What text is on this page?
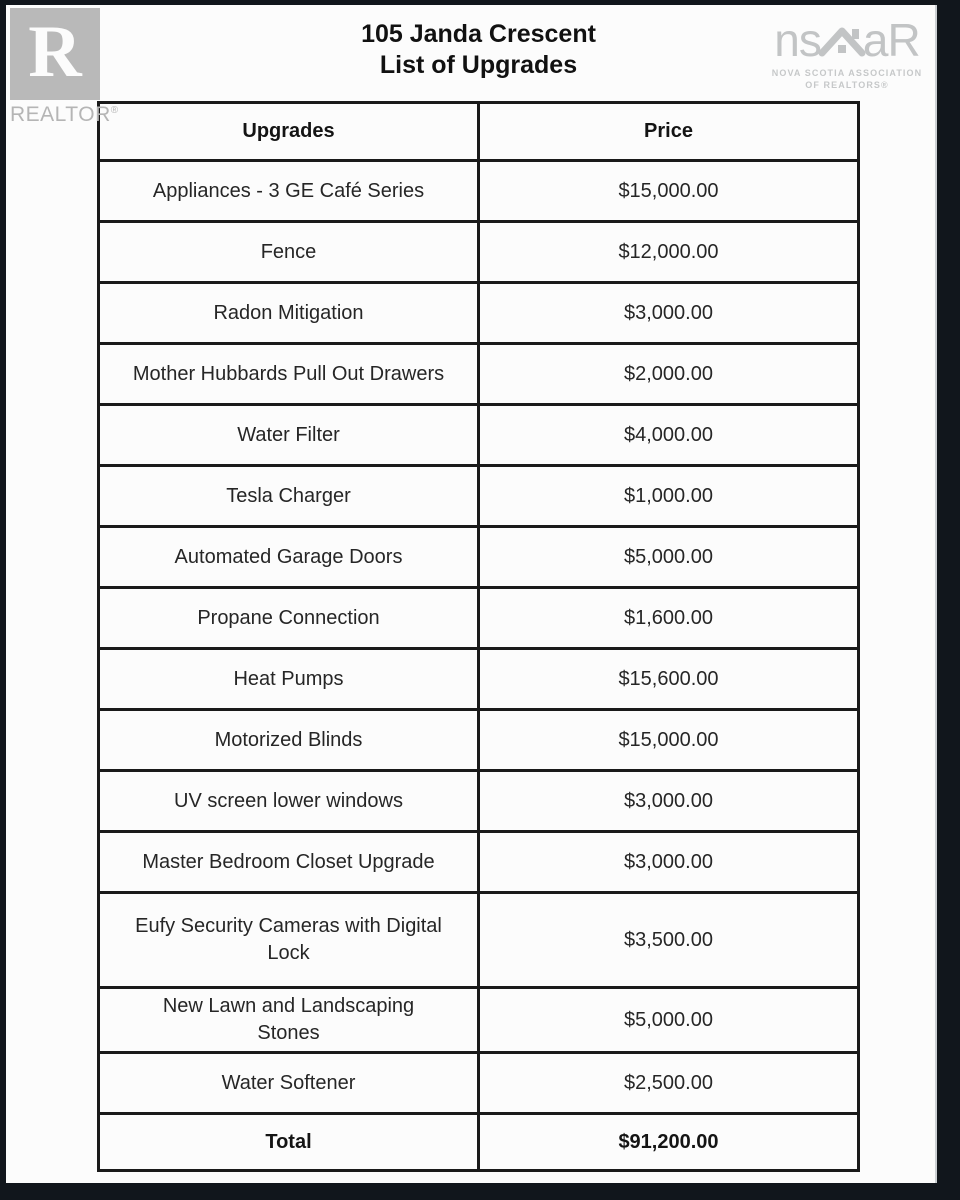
R
REALTOR®
105 Janda Crescent
List of Upgrades	ns aR
NOVA SCOTIA ASSOCIATION
OF REALTORS®
Upgrades	Price
Appliances - 3 GE Café Series	$15,000.00
Fence	$12,000.00
Radon Mitigation	$3,000.00
Mother Hubbards Pull Out Drawers	$2,000.00
Water Filter	$4,000.00
Tesla Charger	$1,000.00
Automated Garage Doors	$5,000.00
Propane Connection	$1,600.00
Heat Pumps	$15,600.00
Motorized Blinds	$15,000.00
UV screen lower windows	$3,000.00
Master Bedroom Closet Upgrade	$3,000.00
Eufy Security Cameras with Digital Lock	$3,500.00
New Lawn and Landscaping Stones	$5,000.00
Water Softener	$2,500.00
Total	$91,200.00
